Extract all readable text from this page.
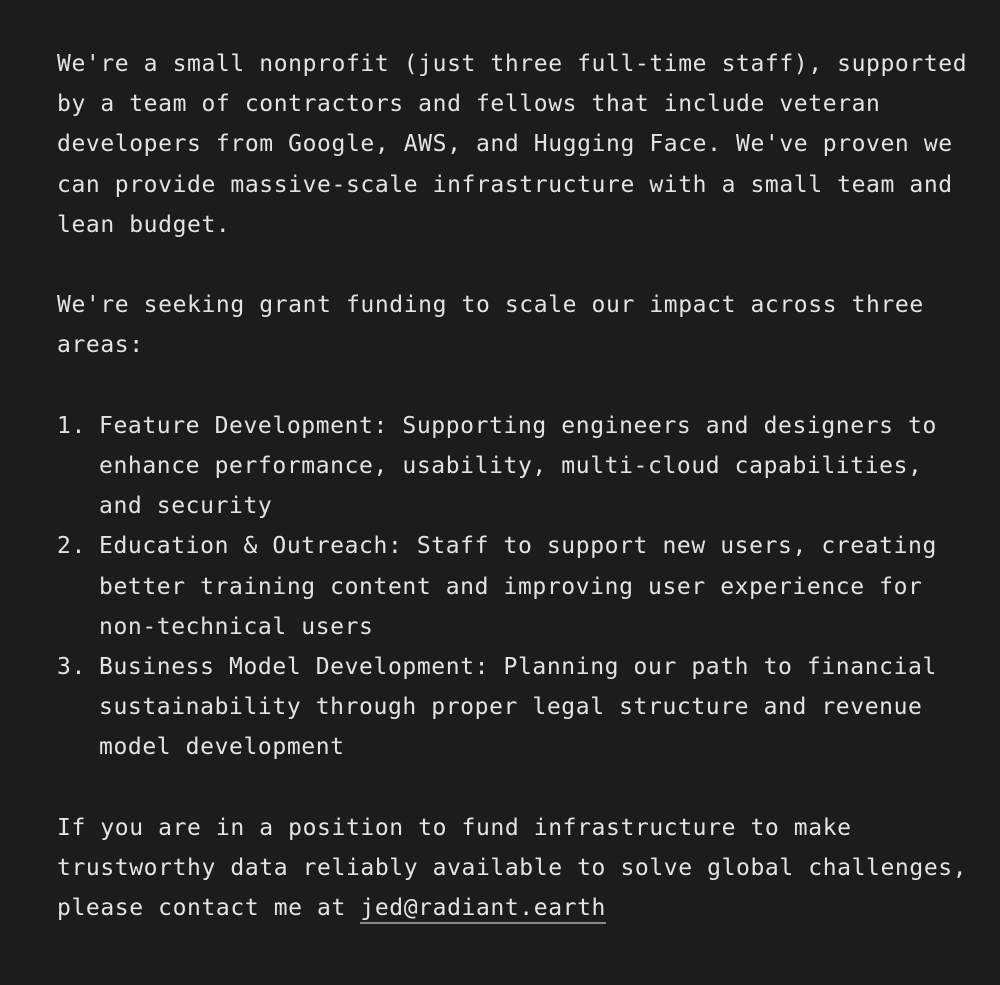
We're a small nonprofit (just three full-time staff), supported by a team of contractors and fellows that include veteran developers from Google, AWS, and Hugging Face. We've proven we can provide massive-scale infrastructure with a small team and lean budget.

We're seeking grant funding to scale our impact across three areas:

1. Feature Development: Supporting engineers and designers to enhance performance, usability, multi-cloud capabilities, and security
2. Education & Outreach: Staff to support new users, creating better training content and improving user experience for non-technical users
3. Business Model Development: Planning our path to financial sustainability through proper legal structure and revenue model development

If you are in a position to fund infrastructure to make trustworthy data reliably available to solve global challenges, please contact me at jed@radiant.earth
